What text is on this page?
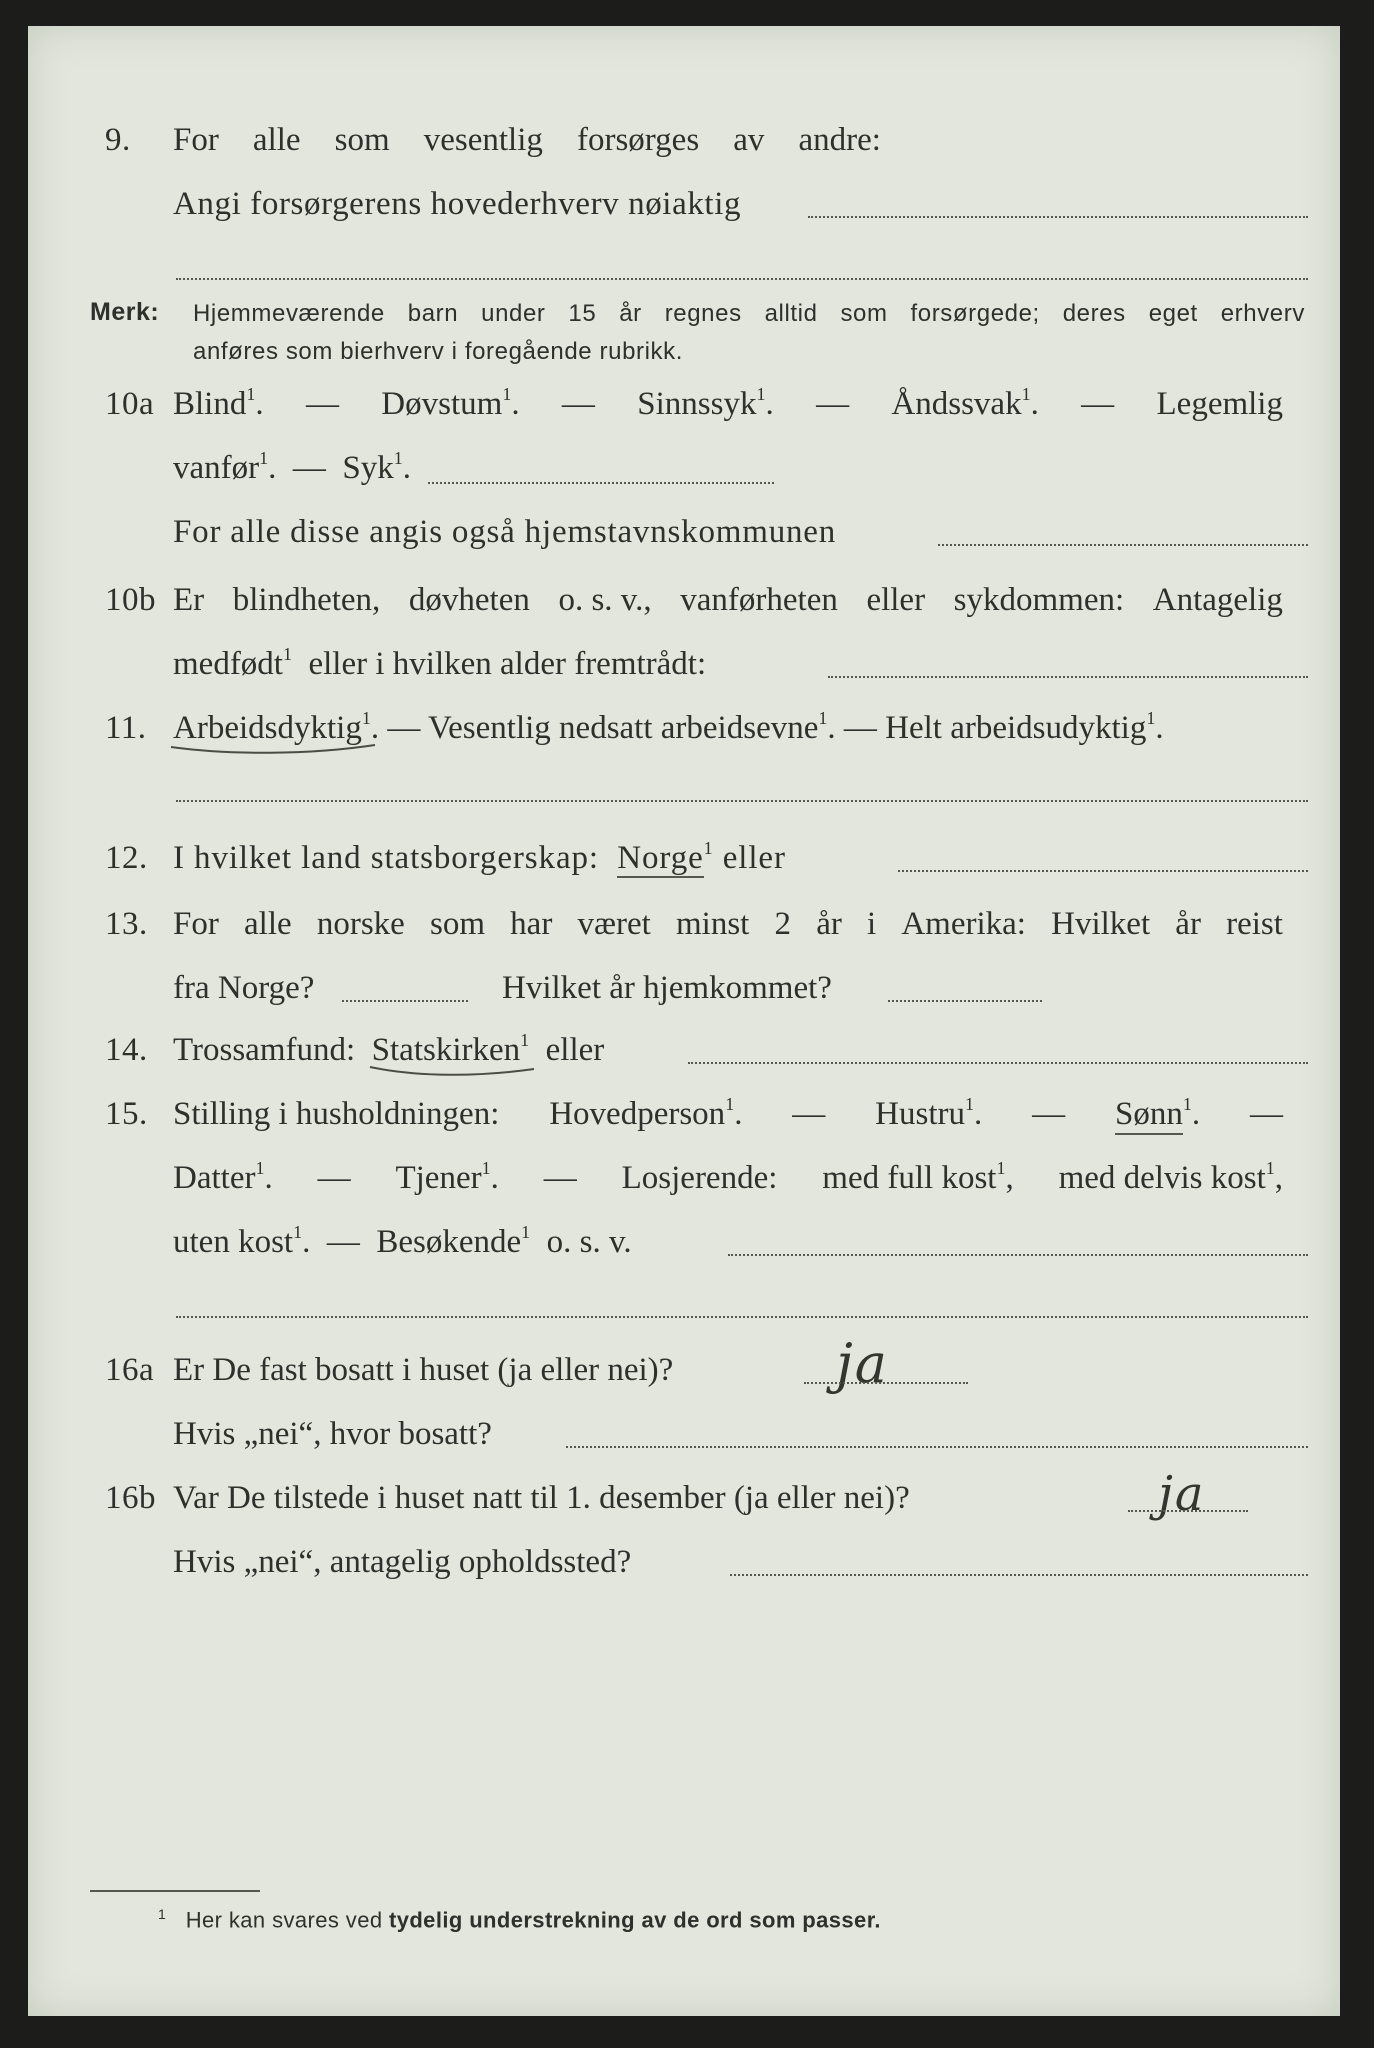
9. For alle som vesentlig forsørges av andre:
Angi forsørgerens hovederhverv nøiaktig
Merk: Hjemmeværende barn under 15 år regnes alltid som forsørgede; deres eget erhverv
anføres som bierhverv i foregående rubrikk.
10a Blind$^1$. — Døvstum$^1$. — Sinnssyk$^1$. — Åndssvak$^1$. — Legemlig
vanfør$^1$.  — Syk$^1$.
For alle disse angis også hjemstavnskommunen
10b Er blindheten, døvheten o. s. v., vanførheten eller sykdommen: Antagelig
medfødt$^1$ eller i hvilken alder fremtrådt:
11. Arbeidsdyktig
$^1$. — Vesentlig nedsatt arbeidsevne$^1$. — Helt arbeidsudyktig$^1$.
12. I hvilket land statsborgerskap: Norge$^1$ eller
13. For alle norske som har været minst 2 år i Amerika: Hvilket år reist
fra Norge?	Hvilket år hjemkommet?
14. Trossamfund: Statskirken
$^1$ eller
15. Stilling i husholdningen: Hovedperson$^1$. — Hustru$^1$. — Sønn$^1$. —
Datter$^1$. — Tjener$^1$. — Losjerende: med full kost$^1$, med delvis kost$^1$,
uten kost$^1$.  — Besøkende$^1$ o. s. v.
16a Er De fast bosatt i huset (ja eller nei)?	ja
Hvis „nei“, hvor bosatt?
16b Var De tilstede i huset natt til 1. desember (ja eller nei)?	ja
Hvis „nei“, antagelig opholdssted?
$^1$ Her kan svares ved tydelig understrekning av de ord som passer.
